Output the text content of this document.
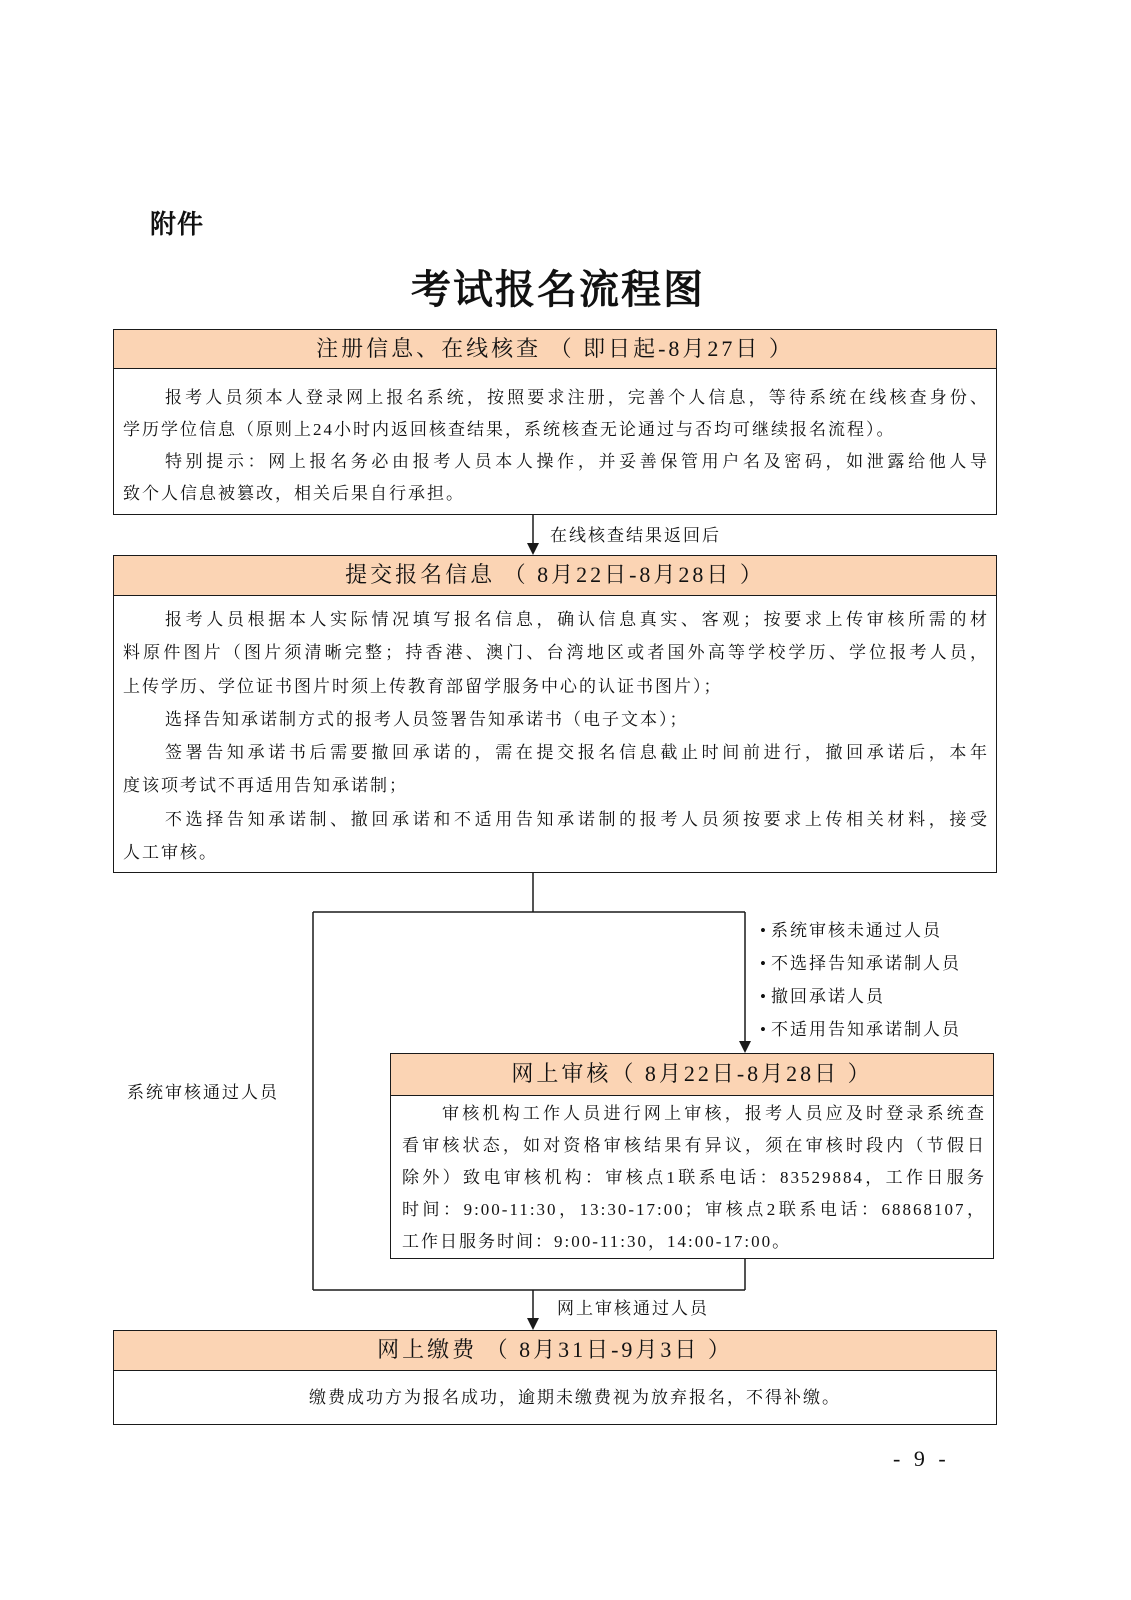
附件
考试报名流程图
注册信息、在线核查 （ 即日起-8月27日 ）
报考人员须本人登录网上报名系统，按照要求注册，完善个人信息，等待系统在线核查身份、
学历学位信息（原则上24小时内返回核查结果，系统核查无论通过与否均可继续报名流程）。
特别提示：网上报名务必由报考人员本人操作，并妥善保管用户名及密码，如泄露给他人导
致个人信息被篡改，相关后果自行承担。
在线核查结果返回后
提交报名信息 （ 8月22日-8月28日 ）
报考人员根据本人实际情况填写报名信息，确认信息真实、客观；按要求上传审核所需的材
料原件图片（图片须清晰完整；持香港、澳门、台湾地区或者国外高等学校学历、学位报考人员，
上传学历、学位证书图片时须上传教育部留学服务中心的认证书图片）；
选择告知承诺制方式的报考人员签署告知承诺书（电子文本）；
签署告知承诺书后需要撤回承诺的，需在提交报名信息截止时间前进行，撤回承诺后，本年
度该项考试不再适用告知承诺制；
不选择告知承诺制、撤回承诺和不适用告知承诺制的报考人员须按要求上传相关材料，接受
人工审核。
• 系统审核未通过人员
• 不选择告知承诺制人员
• 撤回承诺人员
• 不适用告知承诺制人员
系统审核通过人员
网上审核（ 8月22日-8月28日 ）
审核机构工作人员进行网上审核，报考人员应及时登录系统查
看审核状态，如对资格审核结果有异议，须在审核时段内（节假日
除外）致电审核机构：审核点1联系电话：83529884，工作日服务
时间：9:00-11:30，13:30-17:00；审核点2联系电话：68868107，
工作日服务时间：9:00-11:30，14:00-17:00。
网上审核通过人员
网上缴费 （ 8月31日-9月3日 ）
缴费成功方为报名成功，逾期未缴费视为放弃报名，不得补缴。
- 9 -
